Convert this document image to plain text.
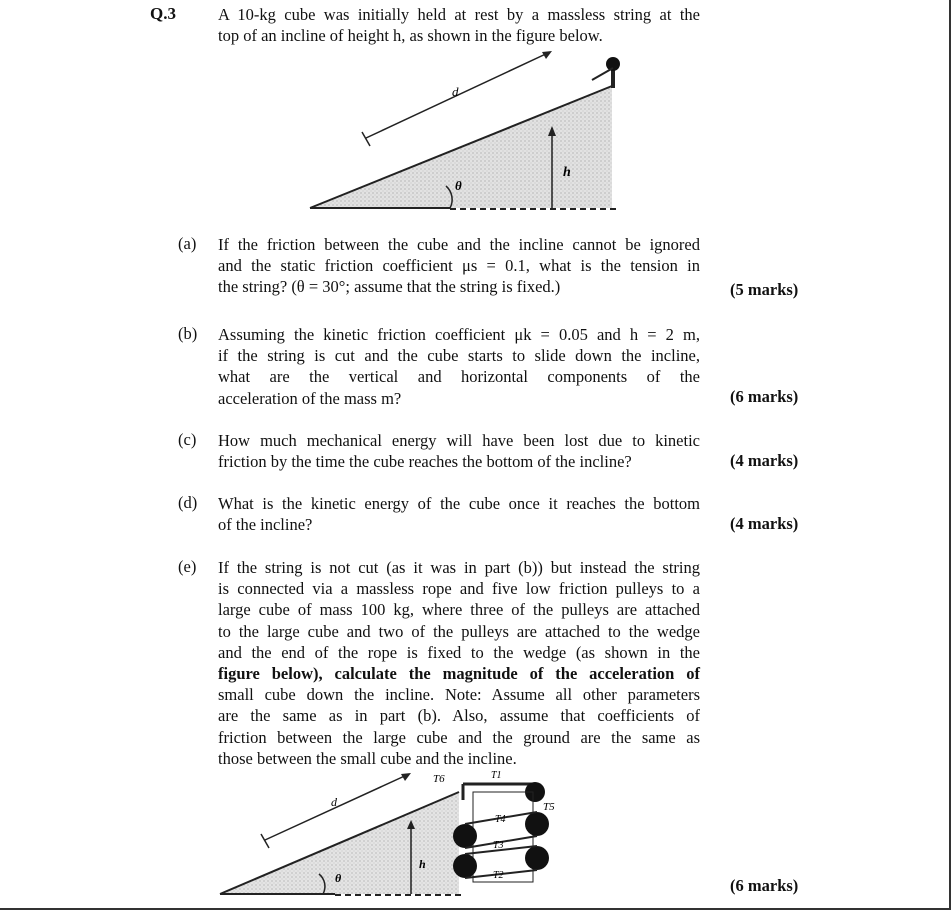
Q.3	A 10-kg cube was initially held at rest by a massless string at the
top of an incline of height h, as shown in the figure below.
θ
h
d
(a) If the friction between the cube and the incline cannot be ignored
and the static friction coefficient μs = 0.1, what is the tension in
the string? (θ = 30°; assume that the string is fixed.)	(5 marks)
(b) Assuming the kinetic friction coefficient μk = 0.05 and h = 2 m,
if the string is cut and the cube starts to slide down the incline,
what are the vertical and horizontal components of the
acceleration of the mass m?	(6 marks)
(c) How much mechanical energy will have been lost due to kinetic
friction by the time the cube reaches the bottom of the incline?	(4 marks)
(d) What is the kinetic energy of the cube once it reaches the bottom
of the incline?	(4 marks)
(e) If the string is not cut (as it was in part (b)) but instead the string
is connected via a massless rope and five low friction pulleys to a
large cube of mass 100 kg, where three of the pulleys are attached
to the large cube and two of the pulleys are attached to the wedge
and the end of the rope is fixed to the wedge (as shown in the
figure below), calculate the magnitude of the acceleration of
small cube down the incline. Note: Assume all other parameters
are the same as in part (b). Also, assume that coefficients of
friction between the large cube and the ground are the same as
those between the small cube and the incline.
θ
h
d
T6
T5
T4
T3
T2
T1
(6 marks)
